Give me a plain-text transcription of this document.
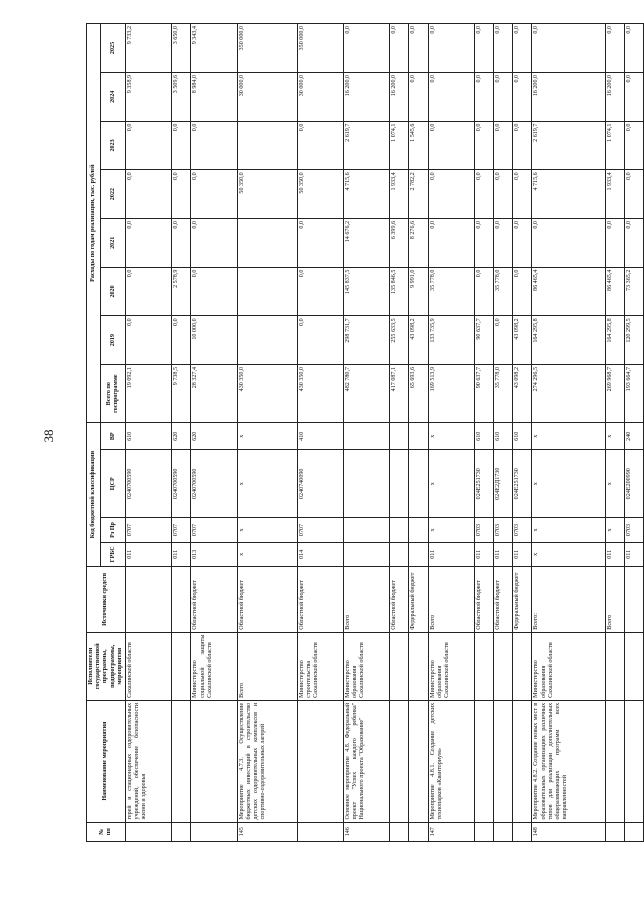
38
№ пп	Наименование мероприятия	Исполнители государственной программы, подпрограммы, мероприятия	Источники средств	Код бюджетной классификации				Расходы по годам реализации, тыс. рублей							
				ГРБС	Рз Пр	ЦСР	ВР	Всего по госпрограмме	2019	2020	2021	2022	2023	2024	2025
	герей и стационарных оздоровительных учреждений, обеспечение безопасности жизни и здоровья	Сахалинской области		011	0707	0240700590	610	19 092,1	0,0	0,0	0,0	0,0	0,0	9 358,9	9 733,2
				011	0707	0240700590	620	9 738,5	0,0	2 578,9	0,0	0,0	0,0	3 509,6	3 650,0
		Министерство социальной защиты Сахалинской области	Областной бюджет	013	0707	0240700590	620	28 327,4	10 000,0	0,0	0,0	0,0	0,0	8 984,0	9 343,4
145	Мероприятие 4.7.3. Осуществление бюджетных инвестиций в строительство детских оздоровительных комплексов и спортивно-оздоровительных лагерей	Всего	Областной бюджет	х	х	х	х	430 350,0				50 350,0		30 000,0	350 000,0
		Министерство строительства Сахалинской области	Областной бюджет	014	0707	0240740090	410	430 350,0	0,0	0,0	0,0	50 350,0	0,0	30 000,0	350 000,0
146	Основное мероприятие 4.8. Федеральный проект "Успех каждого ребенка" Национального проекта "Образование"	Министерство образования Сахалинской области	Всего					482 780,7	298 731,7	145 837,5	14 676,2	4 715,6	2 619,7	16 200,0	0,0
			Областной бюджет					417 087,1	255 633,5	135 846,5	6 399,6	1 933,4	1 074,1	16 200,0	0,0
			Федеральный бюджет					65 693,6	43 098,2	9 991,0	8 276,6	2 782,2	1 545,6	0,0	0,0
147	Мероприятие 4.8.1. Создание детских технопарков «Кванториум»	Министерство образования Сахалинской области	Всего	011	х	х	х	169 513,9	133 735,9	35 778,0	0,0	0,0	0,0	0,0	0,0
			Областной бюджет	011	0703	024E251730	610	90 637,7	90 637,7	0,0	0,0	0,0	0,0	0,0	0,0
			Областной бюджет	011	0703	024E2Д1730	610	35 778,0	0,0	35 778,0	0,0	0,0	0,0	0,0	0,0
			Федеральный бюджет	011	0703	024E251730	610	43 098,2	43 098,2	0,0	0,0	0,0	0,0	0,0	0,0
148	Мероприятие 4.8.2. Создание новых мест в образовательных организациях различных типов для реализации дополнительных общеразвивающих программ всех направленностей	Министерство образования Сахалинской области	Всего:	х	х	х	х	274 296,5	164 295,8	86 465,4	0,0	4 715,6	2 619,7	16 200,0	0,0
			Всего	011	х	х	х	269 968,7	164 295,8	86 465,4	0,0	1 933,4	1 074,1	16 200,0	0,0
				011	0703	024E200990	240	193 664,7	120 299,5	73 365,2	0,0	0,0	0,0	0,0	0,0
